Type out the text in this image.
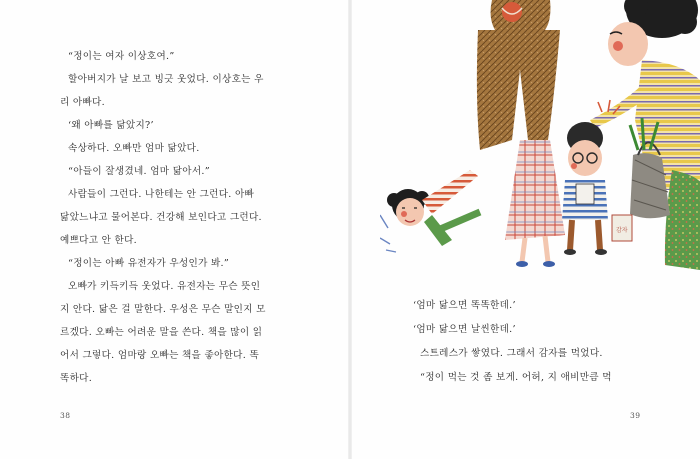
“정이는 여자 이상호여.”

할아버지가 날 보고 빙긋 웃었다. 이상호는 우

리 아빠다.

‘왜 아빠를 닮았지?’

속상하다. 오빠만 엄마 닮았다.

“아들이 잘생겼네. 엄마 닮아서.”

사람들이 그런다. 나한테는 안 그런다. 아빠

닮았느냐고 물어본다. 건강해 보인다고 그런다.

예쁘다고 안 한다.

“정이는 아빠 유전자가 우성인가 봐.”

오빠가 키득키득 웃었다. 유전자는 무슨 뜻인

지 안다. 닮은 걸 말한다. 우성은 무슨 말인지 모

르겠다. 오빠는 어려운 말을 쓴다. 책을 많이 읽

어서 그렇다. 엄마랑 오빠는 책을 좋아한다. 똑

똑하다.

38

‘엄마 닮으면 똑똑한데.’

‘엄마 닮으면 날씬한데.’

스트레스가 쌓였다. 그래서 감자를 먹었다.

“정이 먹는 것 좀 보게. 어허, 지 애비만큼 먹

39
감자
